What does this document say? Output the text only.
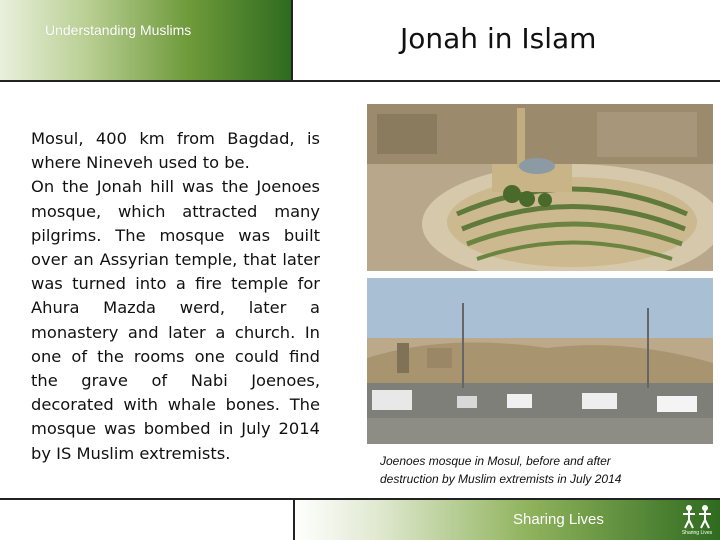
Understanding Muslims	Jonah in Islam
Mosul, 400 km from Bagdad, is where Nineveh used to be.
On the Jonah hill was the Joenoes mosque, which attracted many pilgrims. The mosque was built over an Assyrian temple, that later was turned into a fire temple for Ahura Mazda werd, later a monastery and later a church. In one of the rooms one could find the grave of Nabi Joenoes, decorated with whale bones. The mosque was bombed in July 2014 by IS Muslim extremists.	Joenoes mosque in Mosul, before and after
destruction by Muslim extremists in July 2014
Sharing Lives
Sharing Lives
